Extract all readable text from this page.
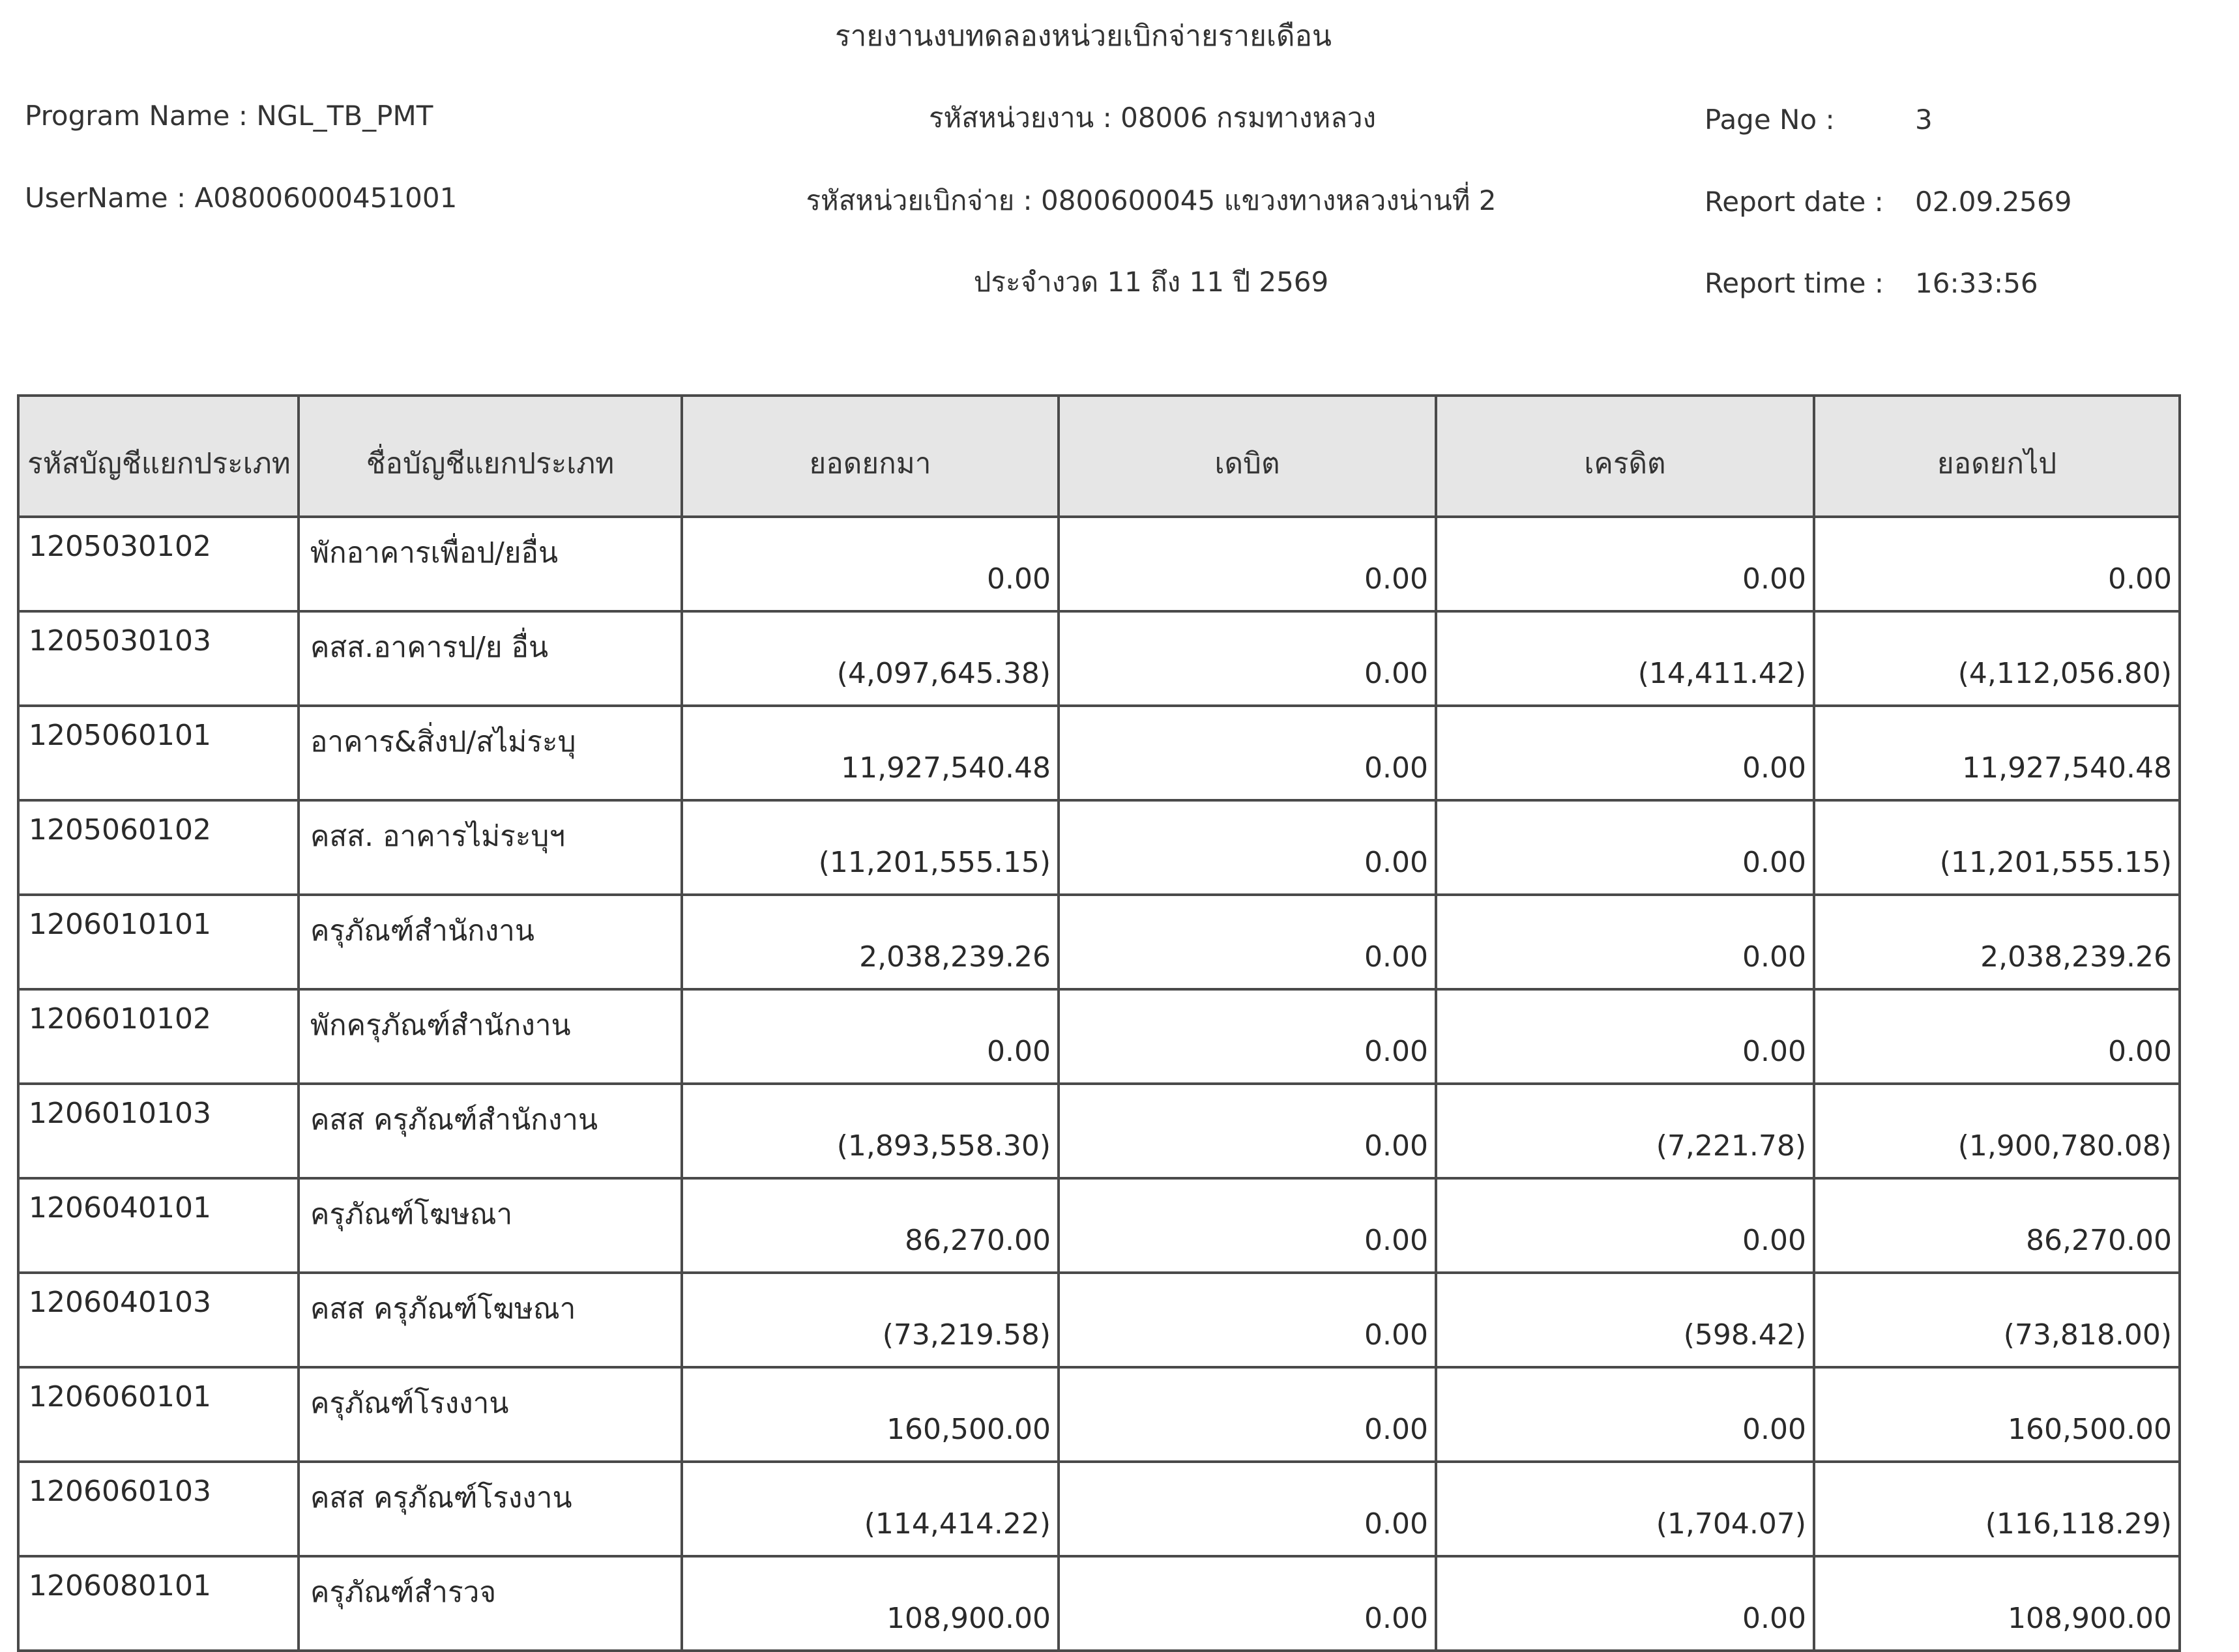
รายงานงบทดลองหน่วยเบิกจ่ายรายเดือน
Program Name : NGL_TB_PMT
UserName : A08006000451001
รหัสหน่วยงาน : 08006 กรมทางหลวง
รหัสหน่วยเบิกจ่าย : 0800600045 แขวงทางหลวงน่านที่ 2
ประจำงวด 11 ถึง 11 ปี 2569
Page No :	3
Report date : 02.09.2569
Report time : 16:33:56
รหัสบัญชีแยกประเภท	ชื่อบัญชีแยกประเภท	ยอดยกมา	เดบิต	เครดิต	ยอดยกไป
1205030102	พักอาคารเพื่อป/ยอื่น	0.00	0.00	0.00	0.00
1205030103	คสส.อาคารป/ย อื่น	(4,097,645.38)	0.00	(14,411.42)	(4,112,056.80)
1205060101	อาคาร&สิ่งป/สไม่ระบุ	11,927,540.48	0.00	0.00	11,927,540.48
1205060102	คสส. อาคารไม่ระบุฯ	(11,201,555.15)	0.00	0.00	(11,201,555.15)
1206010101	ครุภัณฑ์สำนักงาน	2,038,239.26	0.00	0.00	2,038,239.26
1206010102	พักครุภัณฑ์สำนักงาน	0.00	0.00	0.00	0.00
1206010103	คสส ครุภัณฑ์สำนักงาน	(1,893,558.30)	0.00	(7,221.78)	(1,900,780.08)
1206040101	ครุภัณฑ์โฆษณา	86,270.00	0.00	0.00	86,270.00
1206040103	คสส ครุภัณฑ์โฆษณา	(73,219.58)	0.00	(598.42)	(73,818.00)
1206060101	ครุภัณฑ์โรงงาน	160,500.00	0.00	0.00	160,500.00
1206060103	คสส ครุภัณฑ์โรงงาน	(114,414.22)	0.00	(1,704.07)	(116,118.29)
1206080101	ครุภัณฑ์สำรวจ	108,900.00	0.00	0.00	108,900.00
